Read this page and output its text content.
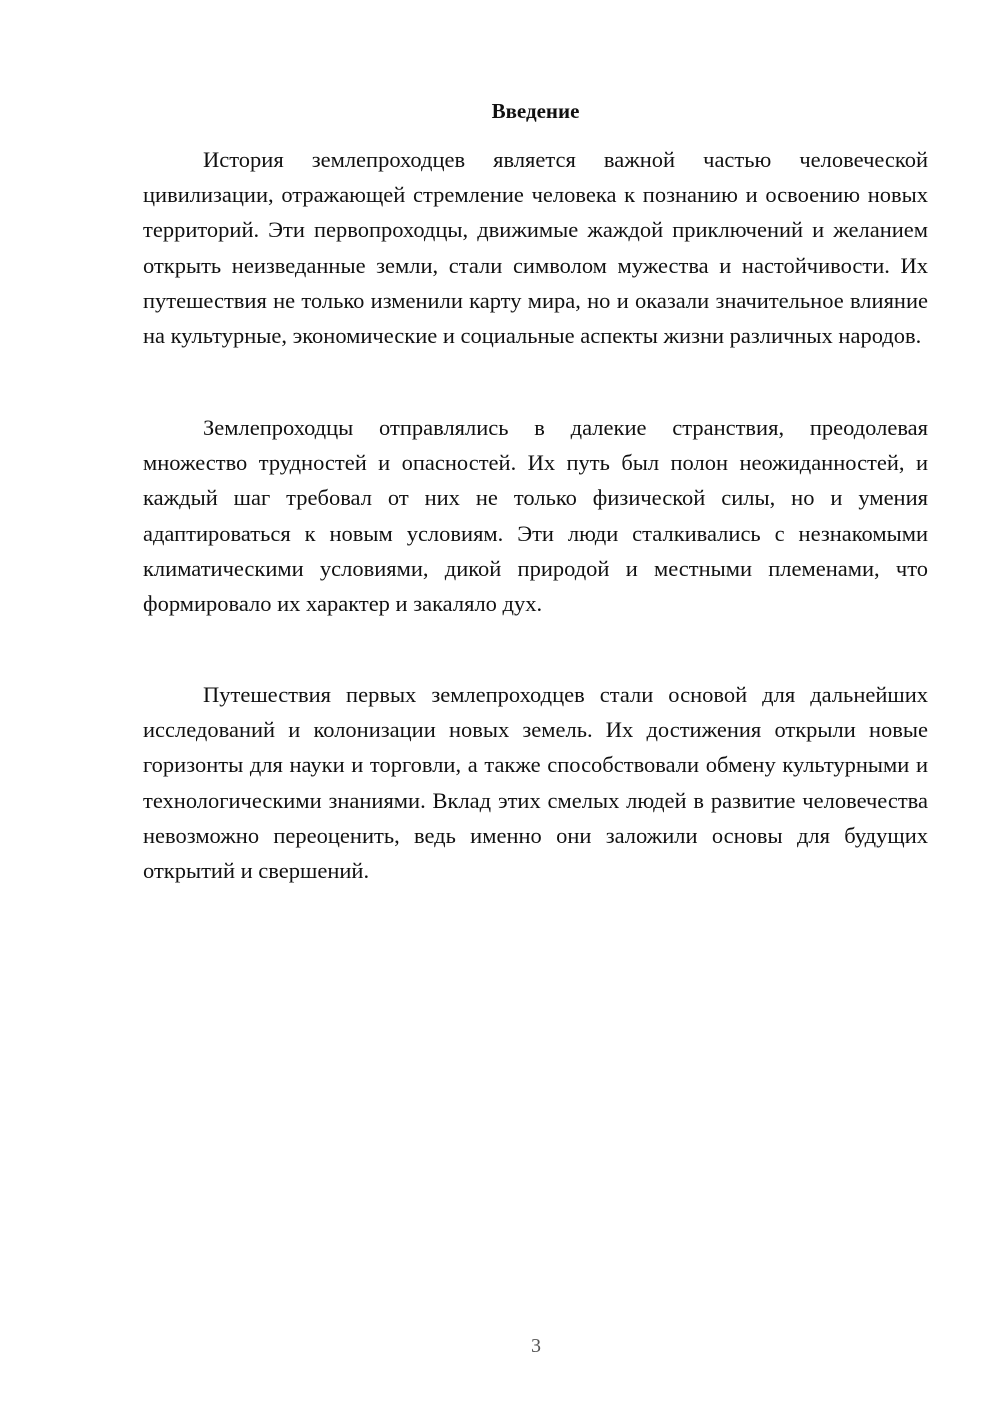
Введение

История землепроходцев является важной частью человеческой цивилизации, отражающей стремление человека к познанию и освоению новых территорий. Эти первопроходцы, движимые жаждой приключений и желанием открыть неизведанные земли, стали символом мужества и настойчивости. Их путешествия не только изменили карту мира, но и оказали значительное влияние на культурные, экономические и социальные аспекты жизни различных народов.

Землепроходцы отправлялись в далекие странствия, преодолевая множество трудностей и опасностей. Их путь был полон неожиданностей, и каждый шаг требовал от них не только физической силы, но и умения адаптироваться к новым условиям. Эти люди сталкивались с незнакомыми климатическими условиями, дикой природой и местными племенами, что формировало их характер и закаляло дух.

Путешествия первых землепроходцев стали основой для дальнейших исследований и колонизации новых земель. Их достижения открыли новые горизонты для науки и торговли, а также способствовали обмену культурными и технологическими знаниями. Вклад этих смелых людей в развитие человечества невозможно переоценить, ведь именно они заложили основы для будущих открытий и свершений.

3
